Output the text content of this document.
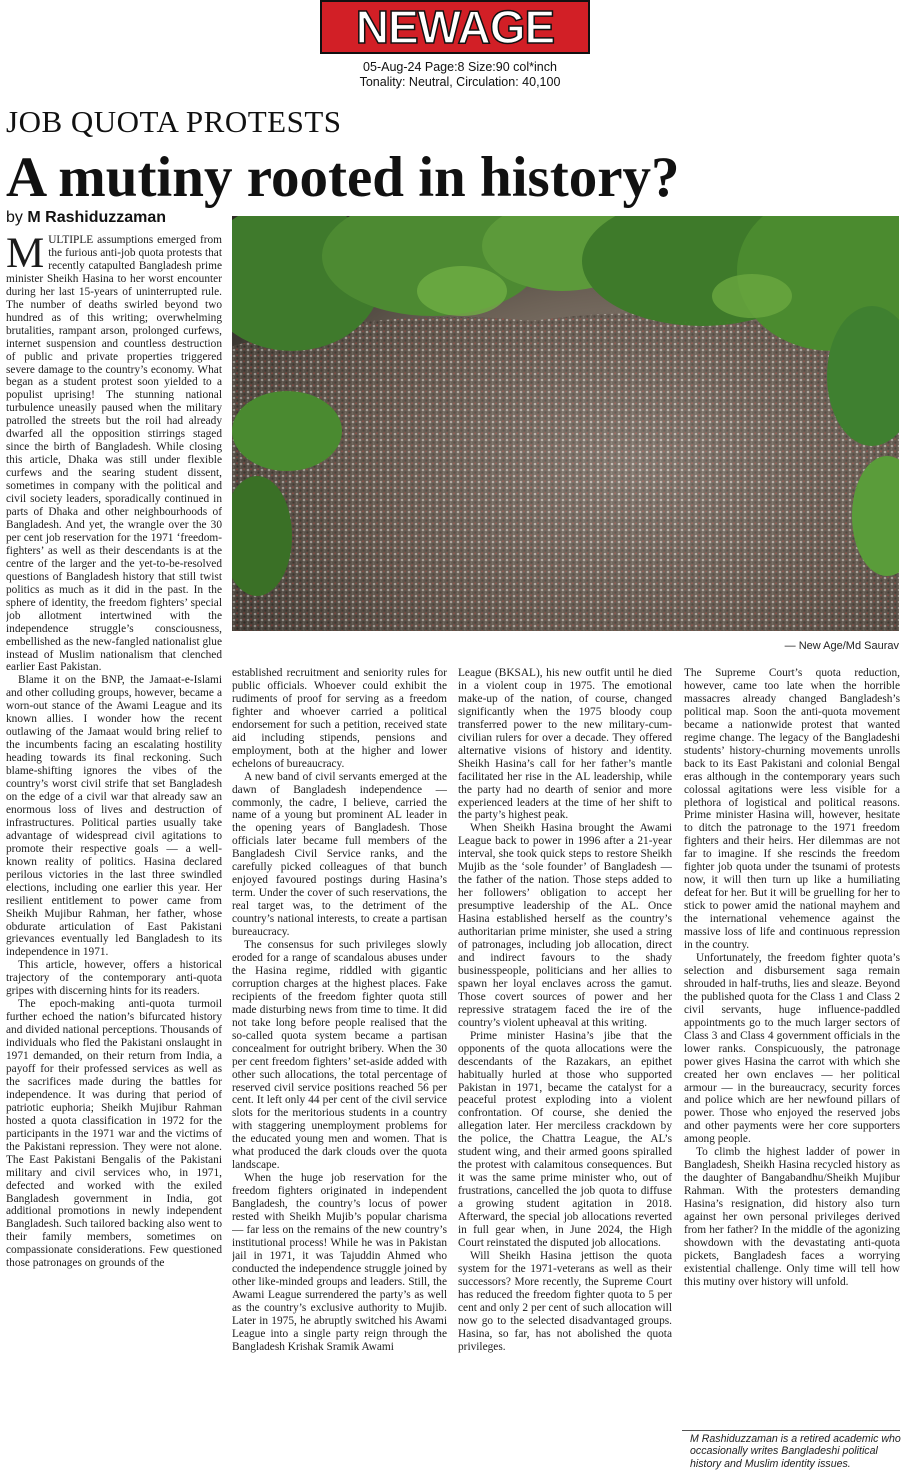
NEWAGE
05-Aug-24 Page:8 Size:90 col*inch
Tonality: Neutral, Circulation: 40,100
JOB QUOTA PROTESTS
A mutiny rooted in history?
by M Rashiduzzaman
— New Age/Md Saurav

MULTIPLE assumptions emerged from the furious anti-job quota protests that recently catapulted Bangladesh prime minister Sheikh Hasina to her worst encounter during her last 15-years of uninterrupted rule. The number of deaths swirled beyond two hundred as of this writing; overwhelming brutalities, rampant arson, prolonged curfews, internet suspension and countless destruction of public and private properties triggered severe damage to the country’s economy. What began as a student protest soon yielded to a populist uprising! The stunning national turbulence uneasily paused when the military patrolled the streets but the roil had already dwarfed all the opposition stirrings staged since the birth of Bangladesh. While closing this article, Dhaka was still under flexible curfews and the searing student dissent, sometimes in company with the political and civil society leaders, sporadically continued in parts of Dhaka and other neighbourhoods of Bangladesh. And yet, the wrangle over the 30 per cent job reservation for the 1971 ‘freedom-fighters’ as well as their descendants is at the centre of the larger and the yet-to-be-resolved questions of Bangladesh history that still twist politics as much as it did in the past. In the sphere of identity, the freedom fighters’ special job allotment intertwined with the independence struggle’s consciousness, embellished as the new-fangled nationalist glue instead of Muslim nationalism that clenched earlier East Pakistan.

Blame it on the BNP, the Jamaat-e-Islami and other colluding groups, however, became a worn-out stance of the Awami League and its known allies. I wonder how the recent outlawing of the Jamaat would bring relief to the incumbents facing an escalating hostility heading towards its final reckoning. Such blame-shifting ignores the vibes of the country’s worst civil strife that set Bangladesh on the edge of a civil war that already saw an enormous loss of lives and destruction of infrastructures. Political parties usually take advantage of widespread civil agitations to promote their respective goals — a well-known reality of politics. Hasina declared perilous victories in the last three swindled elections, including one earlier this year. Her resilient entitlement to power came from Sheikh Mujibur Rahman, her father, whose obdurate articulation of East Pakistani grievances eventually led Bangladesh to its independence in 1971.

This article, however, offers a historical trajectory of the contemporary anti-quota gripes with discerning hints for its readers.

The epoch-making anti-quota turmoil further echoed the nation’s bifurcated history and divided national perceptions. Thousands of individuals who fled the Pakistani onslaught in 1971 demanded, on their return from India, a payoff for their professed services as well as the sacrifices made during the battles for independence. It was during that period of patriotic euphoria; Sheikh Mujibur Rahman hosted a quota classification in 1972 for the participants in the 1971 war and the victims of the Pakistani repression. They were not alone. The East Pakistani Bengalis of the Pakistani military and civil services who, in 1971, defected and worked with the exiled Bangladesh government in India, got additional promotions in newly independent Bangladesh. Such tailored backing also went to their family members, sometimes on compassionate considerations. Few questioned those patronages on grounds of the

established recruitment and seniority rules for public officials. Whoever could exhibit the rudiments of proof for serving as a freedom fighter and whoever carried a political endorsement for such a petition, received state aid including stipends, pensions and employment, both at the higher and lower echelons of bureaucracy.

A new band of civil servants emerged at the dawn of Bangladesh independence — commonly, the cadre, I believe, carried the name of a young but prominent AL leader in the opening years of Bangladesh. Those officials later became full members of the Bangladesh Civil Service ranks, and the carefully picked colleagues of that bunch enjoyed favoured postings during Hasina’s term. Under the cover of such reservations, the real target was, to the detriment of the country’s national interests, to create a partisan bureaucracy.

The consensus for such privileges slowly eroded for a range of scandalous abuses under the Hasina regime, riddled with gigantic corruption charges at the highest places. Fake recipients of the freedom fighter quota still made disturbing news from time to time. It did not take long before people realised that the so-called quota system became a partisan concealment for outright bribery. When the 30 per cent freedom fighters’ set-aside added with other such allocations, the total percentage of reserved civil service positions reached 56 per cent. It left only 44 per cent of the civil service slots for the meritorious students in a country with staggering unemployment problems for the educated young men and women. That is what produced the dark clouds over the quota landscape.

When the huge job reservation for the freedom fighters originated in independent Bangladesh, the country’s locus of power rested with Sheikh Mujib’s popular charisma — far less on the remains of the new country’s institutional process! While he was in Pakistan jail in 1971, it was Tajuddin Ahmed who conducted the independence struggle joined by other like-minded groups and leaders. Still, the Awami League surrendered the party’s as well as the country’s exclusive authority to Mujib. Later in 1975, he abruptly switched his Awami League into a single party reign through the Bangladesh Krishak Sramik Awami

League (BKSAL), his new outfit until he died in a violent coup in 1975. The emotional make-up of the nation, of course, changed significantly when the 1975 bloody coup transferred power to the new military-cum-civilian rulers for over a decade. They offered alternative visions of history and identity. Sheikh Hasina’s call for her father’s mantle facilitated her rise in the AL leadership, while the party had no dearth of senior and more experienced leaders at the time of her shift to the party’s highest peak.

When Sheikh Hasina brought the Awami League back to power in 1996 after a 21-year interval, she took quick steps to restore Sheikh Mujib as the ‘sole founder’ of Bangladesh — the father of the nation. Those steps added to her followers’ obligation to accept her presumptive leadership of the AL. Once Hasina established herself as the country’s authoritarian prime minister, she used a string of patronages, including job allocation, direct and indirect favours to the shady businesspeople, politicians and her allies to spawn her loyal enclaves across the gamut. Those covert sources of power and her repressive stratagem faced the ire of the country’s violent upheaval at this writing.

Prime minister Hasina’s jibe that the opponents of the quota allocations were the descendants of the Razakars, an epithet habitually hurled at those who supported Pakistan in 1971, became the catalyst for a peaceful protest exploding into a violent confrontation. Of course, she denied the allegation later. Her merciless crackdown by the police, the Chattra League, the AL’s student wing, and their armed goons spiralled the protest with calamitous consequences. But it was the same prime minister who, out of frustrations, cancelled the job quota to diffuse a growing student agitation in 2018. Afterward, the special job allocations reverted in full gear when, in June 2024, the High Court reinstated the disputed job allocations.

Will Sheikh Hasina jettison the quota system for the 1971-veterans as well as their successors? More recently, the Supreme Court has reduced the freedom fighter quota to 5 per cent and only 2 per cent of such allocation will now go to the selected disadvantaged groups. Hasina, so far, has not abolished the quota privileges.

The Supreme Court’s quota reduction, however, came too late when the horrible massacres already changed Bangladesh’s political map. Soon the anti-quota movement became a nationwide protest that wanted regime change. The legacy of the Bangladeshi students’ history-churning movements unrolls back to its East Pakistani and colonial Bengal eras although in the contemporary years such colossal agitations were less visible for a plethora of logistical and political reasons. Prime minister Hasina will, however, hesitate to ditch the patronage to the 1971 freedom fighters and their heirs. Her dilemmas are not far to imagine. If she rescinds the freedom fighter job quota under the tsunami of protests now, it will then turn up like a humiliating defeat for her. But it will be gruelling for her to stick to power amid the national mayhem and the international vehemence against the massive loss of life and continuous repression in the country.

Unfortunately, the freedom fighter quota’s selection and disbursement saga remain shrouded in half-truths, lies and sleaze. Beyond the published quota for the Class 1 and Class 2 civil servants, huge influence-paddled appointments go to the much larger sectors of Class 3 and Class 4 government officials in the lower ranks. Conspicuously, the patronage power gives Hasina the carrot with which she created her own enclaves — her political armour — in the bureaucracy, security forces and police which are her newfound pillars of power. Those who enjoyed the reserved jobs and other payments were her core supporters among people.

To climb the highest ladder of power in Bangladesh, Sheikh Hasina recycled history as the daughter of Bangabandhu/Sheikh Mujibur Rahman. With the protesters demanding Hasina’s resignation, did history also turn against her own personal privileges derived from her father? In the middle of the agonizing showdown with the devastating anti-quota pickets, Bangladesh faces a worrying existential challenge. Only time will tell how this mutiny over history will unfold.

M Rashiduzzaman is a retired academic who occasionally writes Bangladeshi political history and Muslim identity issues.
